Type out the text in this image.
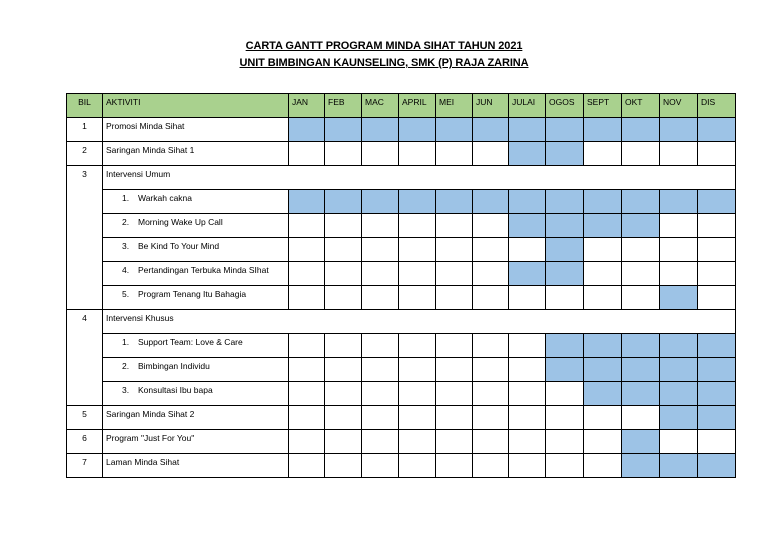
CARTA GANTT PROGRAM MINDA SIHAT TAHUN 2021
UNIT BIMBINGAN KAUNSELING, SMK (P) RAJA ZARINA
BIL	AKTIVITI	JAN	FEB	MAC	APRIL	MEI	JUN	JULAI	OGOS	SEPT	OKT	NOV	DIS
1	Promosi Minda Sihat												
2	Saringan Minda Sihat 1												
3	Intervensi Umum												
	1. Warkah cakna												
	2. Morning Wake Up Call												
	3. Be Kind To Your Mind												
	4. Pertandingan Terbuka Minda SIhat												
	5. Program Tenang Itu Bahagia												
4	Intervensi Khusus												
	1. Support Team: Love & Care												
	2. Bimbingan Individu												
	3. Konsultasi Ibu bapa												
5	Saringan Minda Sihat 2												
6	Program "Just For You"												
7	Laman Minda Sihat												
